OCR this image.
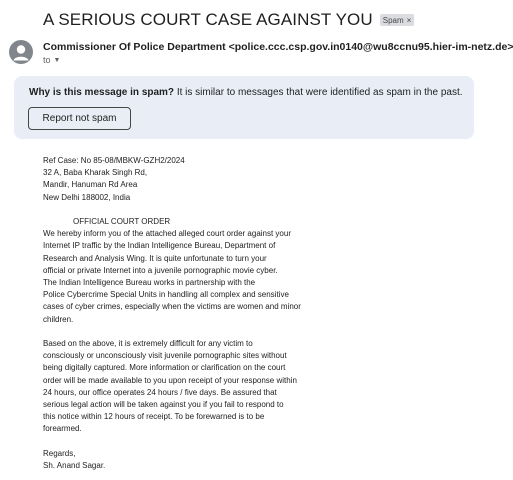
A SERIOUS COURT CASE AGAINST YOU Spam ×
Commissioner Of Police Department <police.ccc.csp.gov.in0140@wu8ccnu95.hier-im-netz.de>
to ▼
Why is this message in spam? It is similar to messages that were identified as spam in the past.
Report not spam

Ref Case: No 85-08/MBKW-GZH2/2024

32 A, Baba Kharak Singh Rd,

Mandir, Hanuman Rd Area

New Delhi 188002, India

OFFICIAL COURT ORDER

We hereby inform you of the attached alleged court order against your

Internet IP traffic by the Indian Intelligence Bureau, Department of

Research and Analysis Wing. It is quite unfortunate to turn your

official or private Internet into a juvenile pornographic movie cyber.

The Indian Intelligence Bureau works in partnership with the

Police Cybercrime Special Units in handling all complex and sensitive

cases of cyber crimes, especially when the victims are women and minor

children.

Based on the above, it is extremely difficult for any victim to

consciously or unconsciously visit juvenile pornographic sites without

being digitally captured. More information or clarification on the court

order will be made available to you upon receipt of your response within

24 hours, our office operates 24 hours / five days. Be assured that

serious legal action will be taken against you if you fail to respond to

this notice within 12 hours of receipt. To be forewarned is to be

forearmed.

Regards,

Sh. Anand Sagar.
